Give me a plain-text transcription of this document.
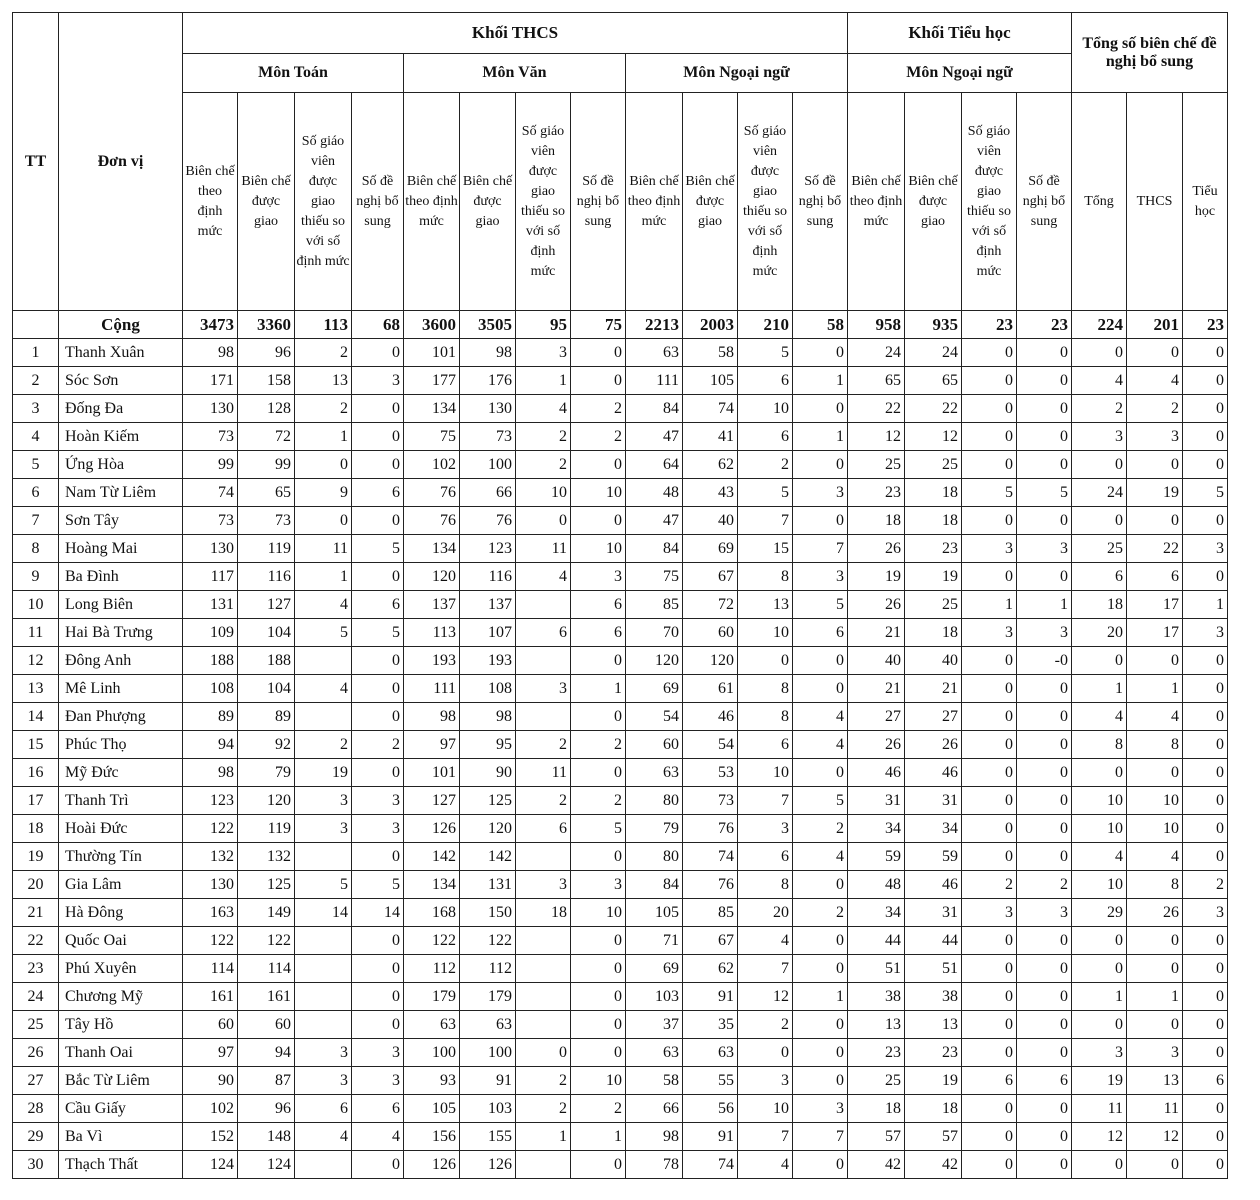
TT	Đơn vị	Khối THCS												Khối Tiểu học				Tổng số biên chế đề nghị bổ sung		
		Môn Toán				Môn Văn				Môn Ngoại ngữ				Môn Ngoại ngữ						
		Biên chế theo định mức	Biên chế được giao	Số giáo viên được giao thiếu so với số định mức	Số đề nghị bổ sung	Biên chế theo định mức	Biên chế được giao	Số giáo viên được giao thiếu so với số định mức	Số đề nghị bổ sung	Biên chế theo định mức	Biên chế được giao	Số giáo viên được giao thiếu so với số định mức	Số đề nghị bổ sung	Biên chế theo định mức	Biên chế được giao	Số giáo viên được giao thiếu so với số định mức	Số đề nghị bổ sung	Tổng	THCS	Tiểu học
	Cộng	3473	3360	113	68	3600	3505	95	75	2213	2003	210	58	958	935	23	23	224	201	23
1	Thanh Xuân	98	96	2	0	101	98	3	0	63	58	5	0	24	24	0	0	0	0	0
2	Sóc Sơn	171	158	13	3	177	176	1	0	111	105	6	1	65	65	0	0	4	4	0
3	Đống Đa	130	128	2	0	134	130	4	2	84	74	10	0	22	22	0	0	2	2	0
4	Hoàn Kiếm	73	72	1	0	75	73	2	2	47	41	6	1	12	12	0	0	3	3	0
5	Ứng Hòa	99	99	0	0	102	100	2	0	64	62	2	0	25	25	0	0	0	0	0
6	Nam Từ Liêm	74	65	9	6	76	66	10	10	48	43	5	3	23	18	5	5	24	19	5
7	Sơn Tây	73	73	0	0	76	76	0	0	47	40	7	0	18	18	0	0	0	0	0
8	Hoàng Mai	130	119	11	5	134	123	11	10	84	69	15	7	26	23	3	3	25	22	3
9	Ba Đình	117	116	1	0	120	116	4	3	75	67	8	3	19	19	0	0	6	6	0
10	Long Biên	131	127	4	6	137	137		6	85	72	13	5	26	25	1	1	18	17	1
11	Hai Bà Trưng	109	104	5	5	113	107	6	6	70	60	10	6	21	18	3	3	20	17	3
12	Đông Anh	188	188		0	193	193		0	120	120	0	0	40	40	0	-0	0	0	0
13	Mê Linh	108	104	4	0	111	108	3	1	69	61	8	0	21	21	0	0	1	1	0
14	Đan Phượng	89	89		0	98	98		0	54	46	8	4	27	27	0	0	4	4	0
15	Phúc Thọ	94	92	2	2	97	95	2	2	60	54	6	4	26	26	0	0	8	8	0
16	Mỹ Đức	98	79	19	0	101	90	11	0	63	53	10	0	46	46	0	0	0	0	0
17	Thanh Trì	123	120	3	3	127	125	2	2	80	73	7	5	31	31	0	0	10	10	0
18	Hoài Đức	122	119	3	3	126	120	6	5	79	76	3	2	34	34	0	0	10	10	0
19	Thường Tín	132	132		0	142	142		0	80	74	6	4	59	59	0	0	4	4	0
20	Gia Lâm	130	125	5	5	134	131	3	3	84	76	8	0	48	46	2	2	10	8	2
21	Hà Đông	163	149	14	14	168	150	18	10	105	85	20	2	34	31	3	3	29	26	3
22	Quốc Oai	122	122		0	122	122		0	71	67	4	0	44	44	0	0	0	0	0
23	Phú Xuyên	114	114		0	112	112		0	69	62	7	0	51	51	0	0	0	0	0
24	Chương Mỹ	161	161		0	179	179		0	103	91	12	1	38	38	0	0	1	1	0
25	Tây Hồ	60	60		0	63	63		0	37	35	2	0	13	13	0	0	0	0	0
26	Thanh Oai	97	94	3	3	100	100	0	0	63	63	0	0	23	23	0	0	3	3	0
27	Bắc Từ Liêm	90	87	3	3	93	91	2	10	58	55	3	0	25	19	6	6	19	13	6
28	Cầu Giấy	102	96	6	6	105	103	2	2	66	56	10	3	18	18	0	0	11	11	0
29	Ba Vì	152	148	4	4	156	155	1	1	98	91	7	7	57	57	0	0	12	12	0
30	Thạch Thất	124	124		0	126	126		0	78	74	4	0	42	42	0	0	0	0	0
